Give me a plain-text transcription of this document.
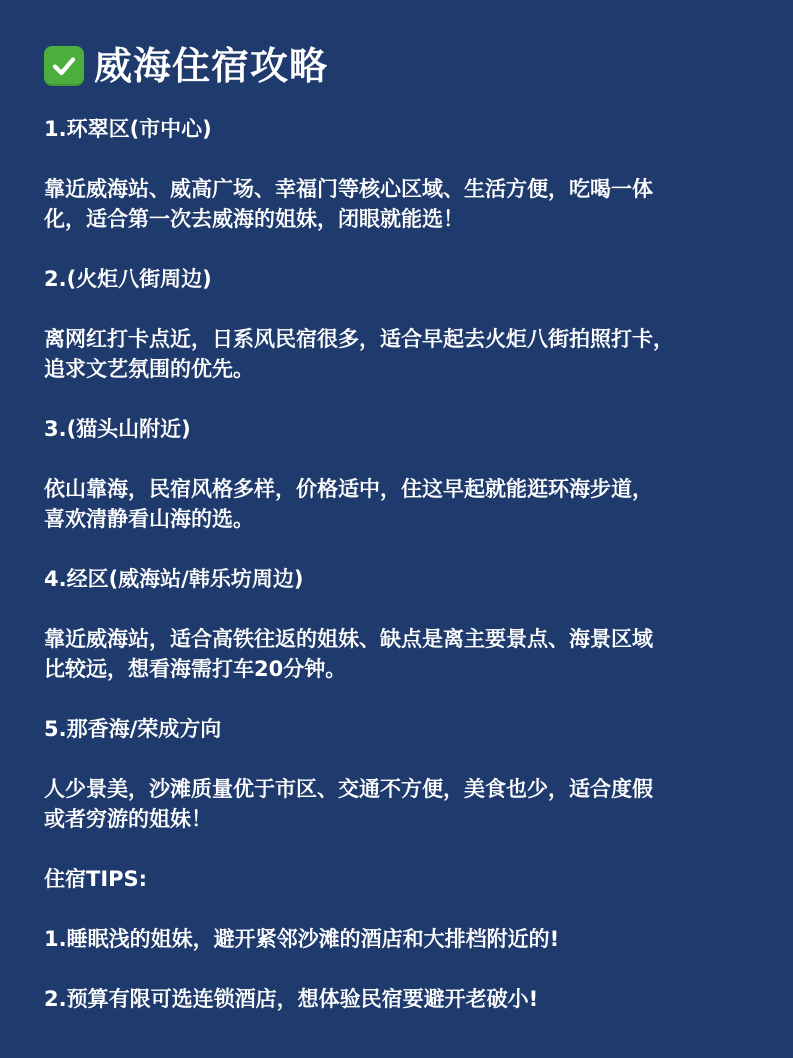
威海住宿攻略
1.环翠区(市中心)
靠近威海站、威高广场、幸福门等核心区域、生活方便，吃喝一体
化，适合第一次去威海的姐妹，闭眼就能选！
2.(火炬八街周边)
离网红打卡点近，日系风民宿很多，适合早起去火炬八街拍照打卡，
追求文艺氛围的优先。
3.(猫头山附近)
依山靠海，民宿风格多样，价格适中，住这早起就能逛环海步道，
喜欢清静看山海的选。
4.经区(威海站/韩乐坊周边)
靠近威海站，适合高铁往返的姐妹、缺点是离主要景点、海景区域
比较远，想看海需打车20分钟。
5.那香海/荣成方向
人少景美，沙滩质量优于市区、交通不方便，美食也少，适合度假
或者穷游的姐妹！
住宿TIPS:
1.睡眠浅的姐妹，避开紧邻沙滩的酒店和大排档附近的!
2.预算有限可选连锁酒店，想体验民宿要避开老破小!
